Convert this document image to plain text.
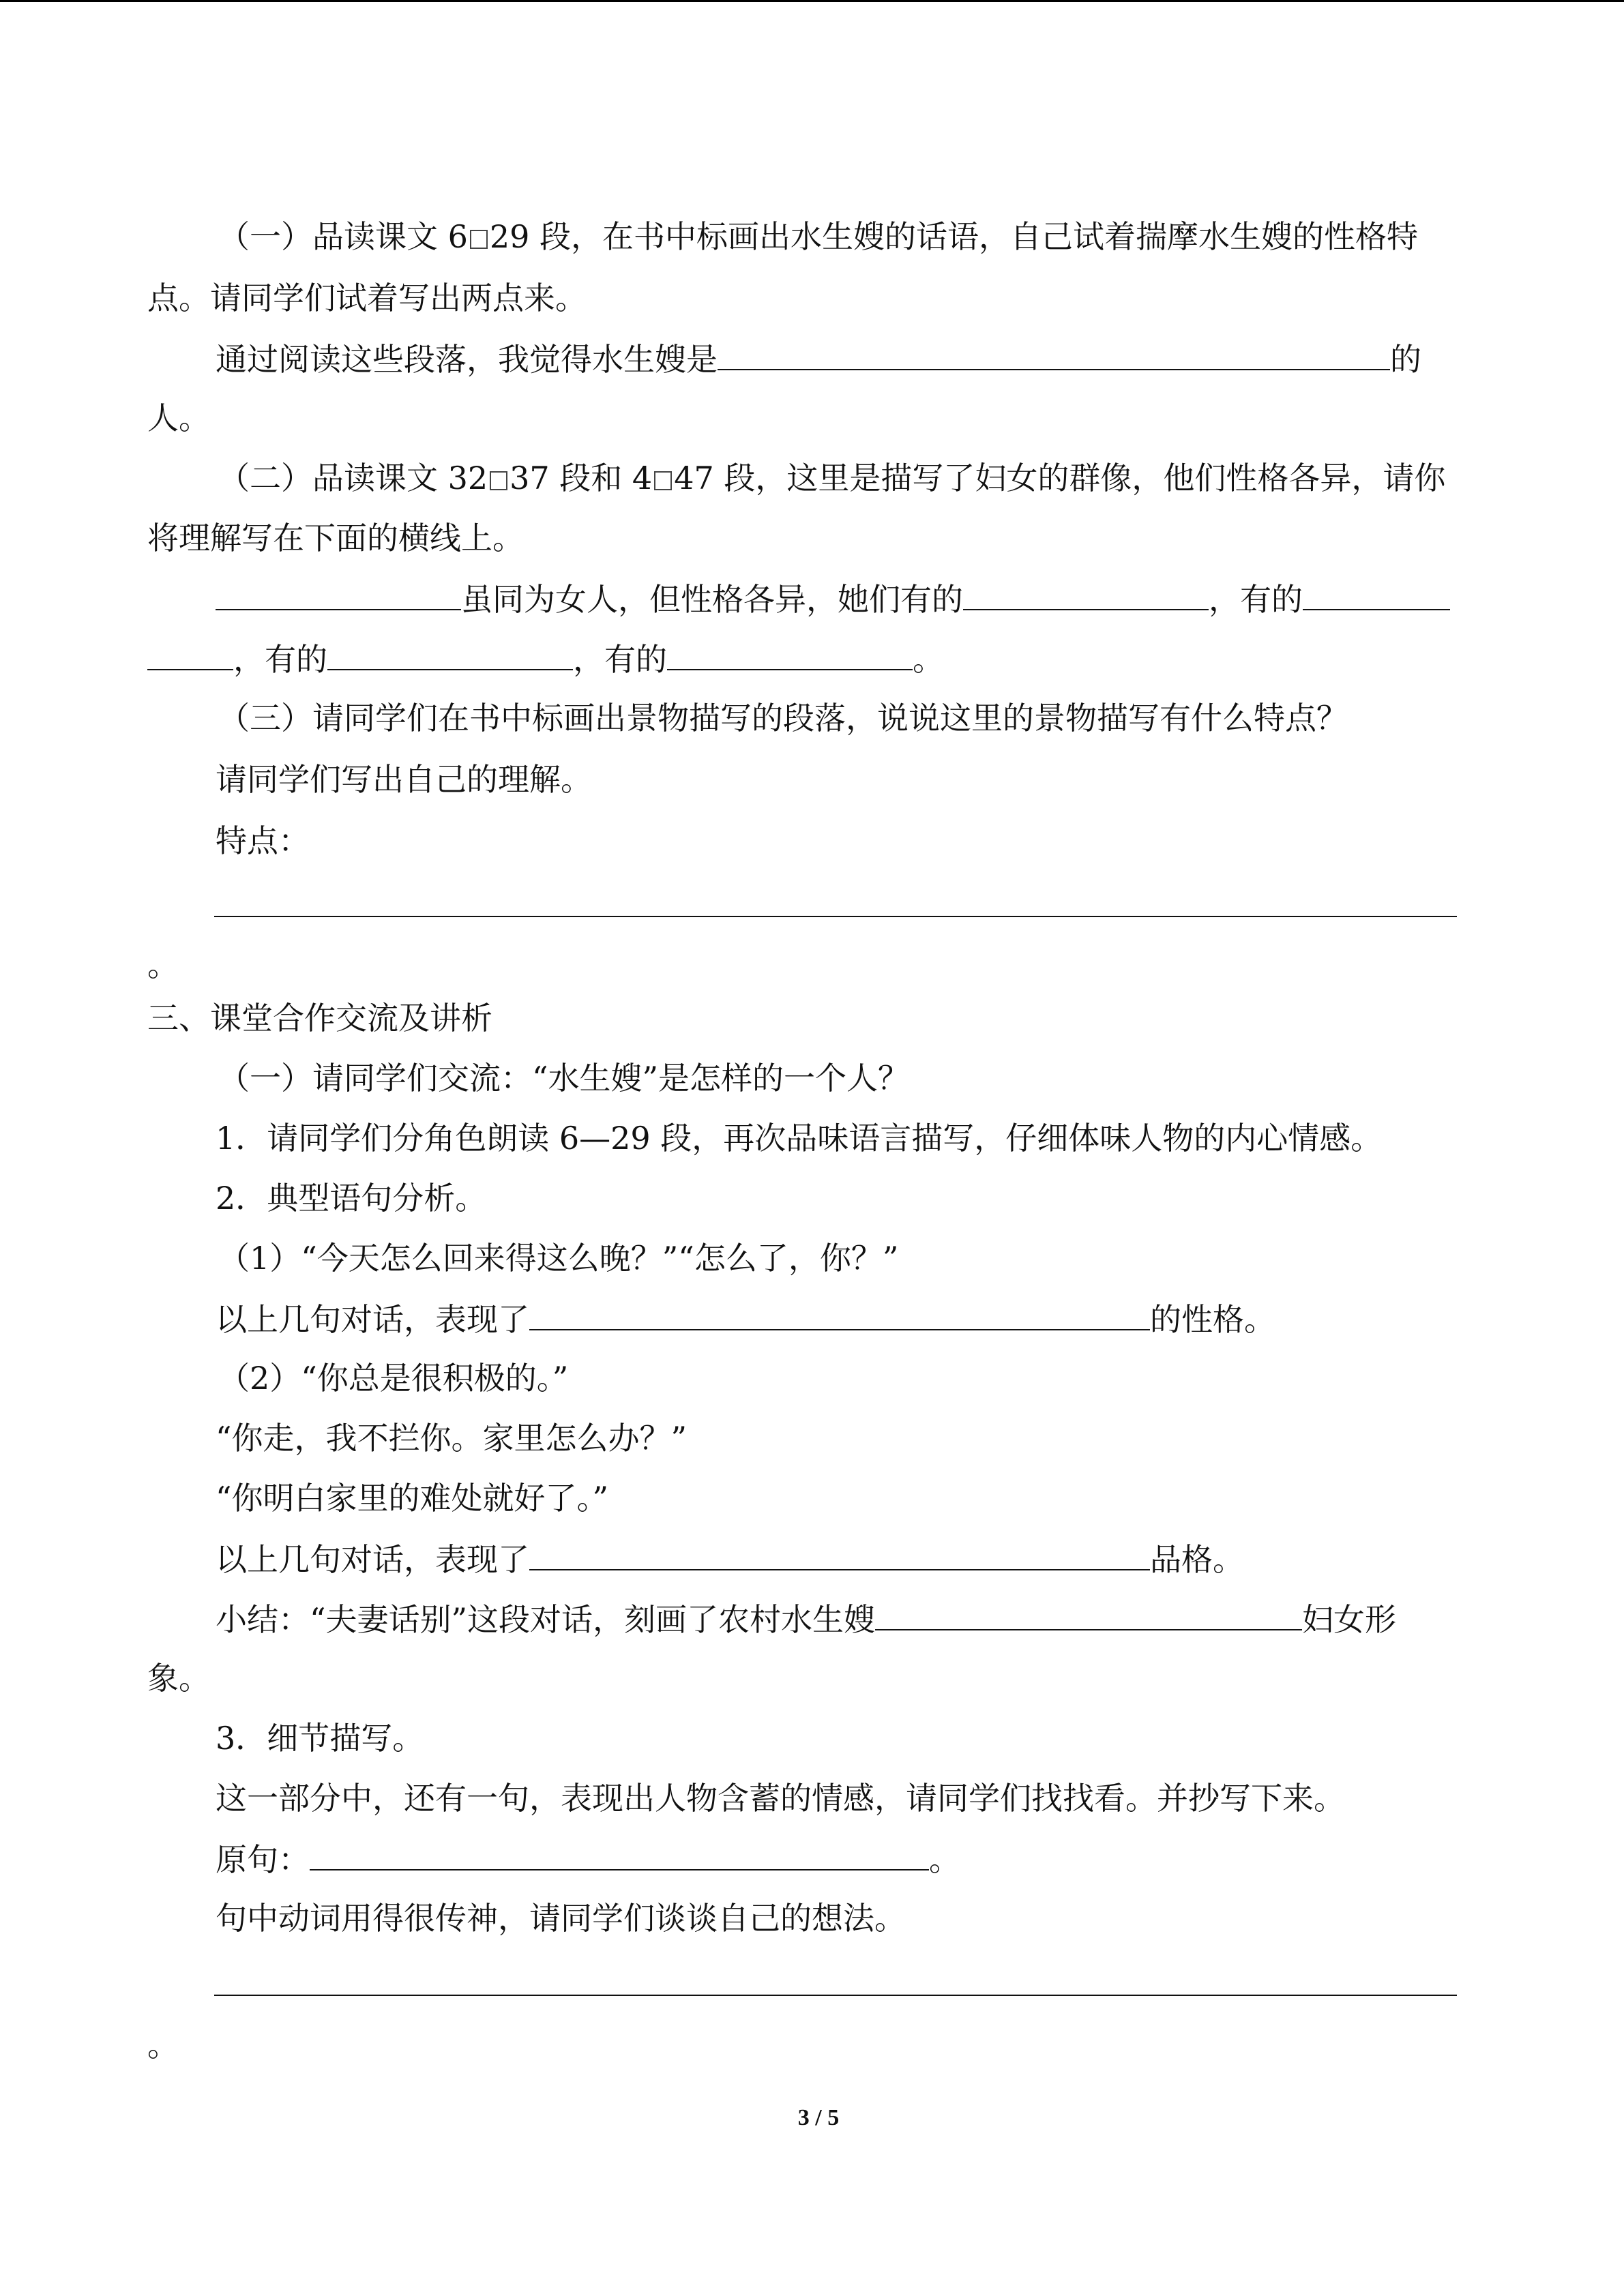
（一）品读课文 6 29 段，在书中标画出水生嫂的话语，自己试着揣摩水生嫂的性格特
点。请同学们试着写出两点来。
通过阅读这些段落，我觉得水生嫂是	的
人。
（二）品读课文 32 37 段和 4 47 段，这里是描写了妇女的群像，他们性格各异，请你
将理解写在下面的横线上。
虽同为女人，但性格各异，她们有的	，有的
，有的	，有的	。
（三）请同学们在书中标画出景物描写的段落，说说这里的景物描写有什么特点？
请同学们写出自己的理解。
特点：
。
三、课堂合作交流及讲析
（一）请同学们交流：“水生嫂”是怎样的一个人？
1．请同学们分角色朗读 6—29 段，再次品味语言描写，仔细体味人物的内心情感。
2．典型语句分析。
（1）“今天怎么回来得这么晚？”“怎么了，你？”
以上几句对话，表现了	的性格。
（2）“你总是很积极的。”
“你走，我不拦你。家里怎么办？”
“你明白家里的难处就好了。”
以上几句对话，表现了	品格。
小结：“夫妻话别”这段对话，刻画了农村水生嫂	妇女形
象。
3．细节描写。
这一部分中，还有一句，表现出人物含蓄的情感，请同学们找找看。并抄写下来。
原句：	。
句中动词用得很传神，请同学们谈谈自己的想法。
。
3 / 5
